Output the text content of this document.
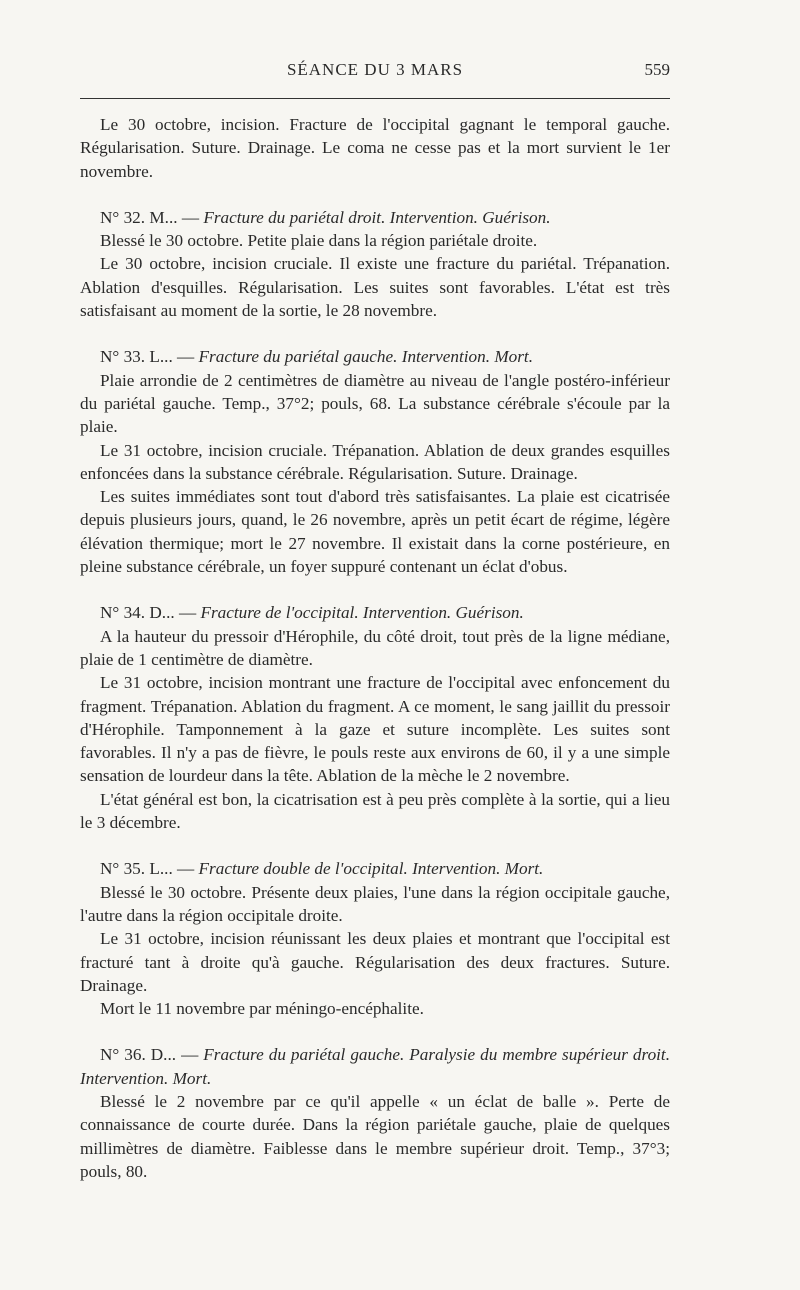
SÉANCE DU 3 MARS	559

Le 30 octobre, incision. Fracture de l'occipital gagnant le temporal gauche. Régularisation. Suture. Drainage. Le coma ne cesse pas et la mort survient le 1er novembre.

N° 32. M... — Fracture du pariétal droit. Intervention. Guérison.

Blessé le 30 octobre. Petite plaie dans la région pariétale droite.

Le 30 octobre, incision cruciale. Il existe une fracture du pariétal. Trépanation. Ablation d'esquilles. Régularisation. Les suites sont favorables. L'état est très satisfaisant au moment de la sortie, le 28 novembre.

N° 33. L... — Fracture du pariétal gauche. Intervention. Mort.

Plaie arrondie de 2 centimètres de diamètre au niveau de l'angle postéro-inférieur du pariétal gauche. Temp., 37°2; pouls, 68. La substance cérébrale s'écoule par la plaie.

Le 31 octobre, incision cruciale. Trépanation. Ablation de deux grandes esquilles enfoncées dans la substance cérébrale. Régularisation. Suture. Drainage.

Les suites immédiates sont tout d'abord très satisfaisantes. La plaie est cicatrisée depuis plusieurs jours, quand, le 26 novembre, après un petit écart de régime, légère élévation thermique; mort le 27 novembre. Il existait dans la corne postérieure, en pleine substance cérébrale, un foyer suppuré contenant un éclat d'obus.

N° 34. D... — Fracture de l'occipital. Intervention. Guérison.

A la hauteur du pressoir d'Hérophile, du côté droit, tout près de la ligne médiane, plaie de 1 centimètre de diamètre.

Le 31 octobre, incision montrant une fracture de l'occipital avec enfoncement du fragment. Trépanation. Ablation du fragment. A ce moment, le sang jaillit du pressoir d'Hérophile. Tamponnement à la gaze et suture incomplète. Les suites sont favorables. Il n'y a pas de fièvre, le pouls reste aux environs de 60, il y a une simple sensation de lourdeur dans la tête. Ablation de la mèche le 2 novembre.

L'état général est bon, la cicatrisation est à peu près complète à la sortie, qui a lieu le 3 décembre.

N° 35. L... — Fracture double de l'occipital. Intervention. Mort.

Blessé le 30 octobre. Présente deux plaies, l'une dans la région occipitale gauche, l'autre dans la région occipitale droite.

Le 31 octobre, incision réunissant les deux plaies et montrant que l'occipital est fracturé tant à droite qu'à gauche. Régularisation des deux fractures. Suture. Drainage.

Mort le 11 novembre par méningo-encéphalite.

N° 36. D... — Fracture du pariétal gauche. Paralysie du membre supérieur droit. Intervention. Mort.

Blessé le 2 novembre par ce qu'il appelle « un éclat de balle ». Perte de connaissance de courte durée. Dans la région pariétale gauche, plaie de quelques millimètres de diamètre. Faiblesse dans le membre supérieur droit. Temp., 37°3; pouls, 80.
